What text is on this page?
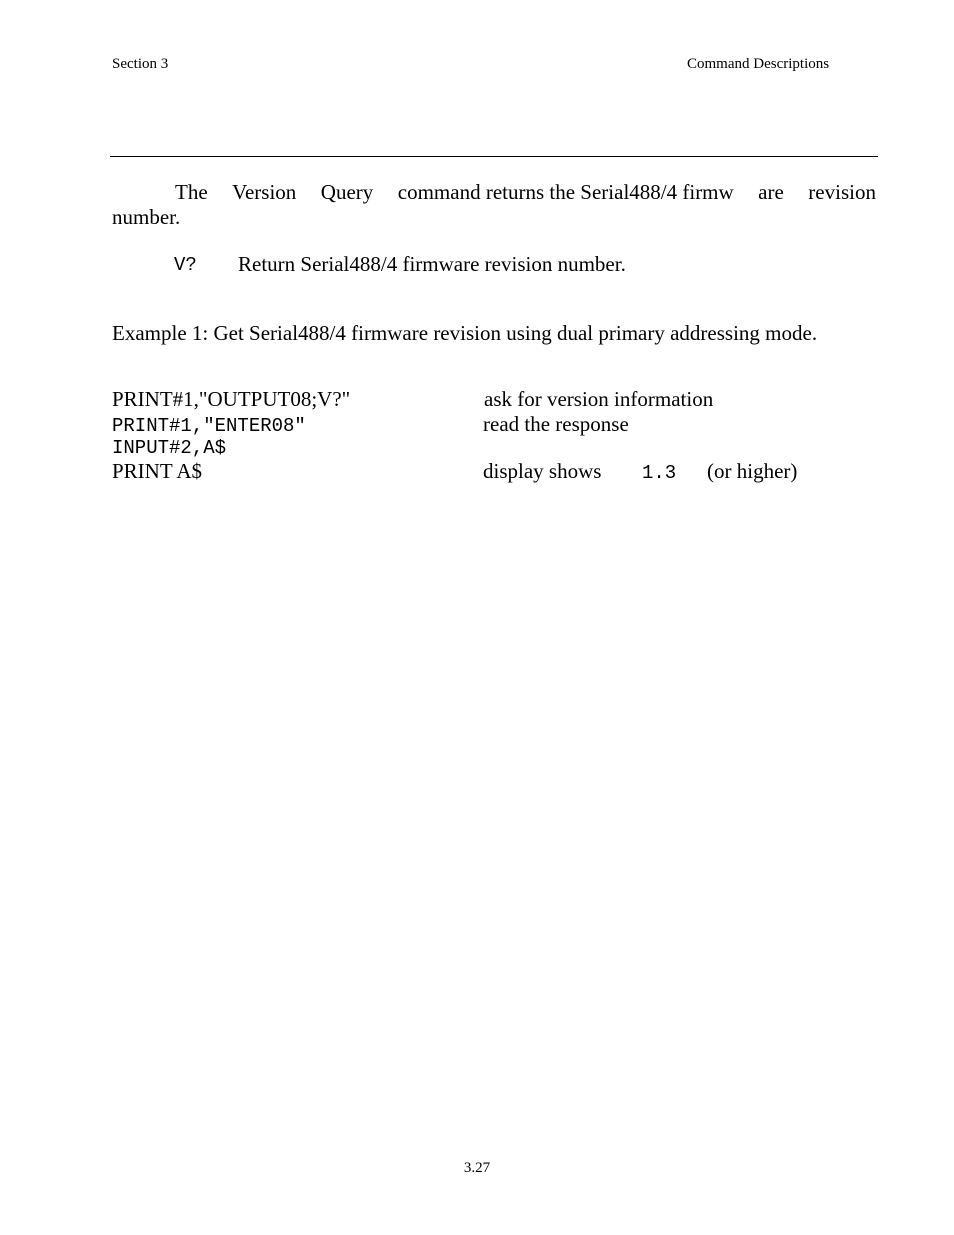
Section 3	Command Descriptions
The Version Query command returns the Serial488/4 firmw are revision
number.
V? Return Serial488/4 firmware revision number.
Example 1: Get Serial488/4 firmware revision using dual primary addressing mode.
PRINT#1,"OUTPUT08;V?"	ask for version information
PRINT#1,"ENTER08"	read the response
INPUT#2,A$
PRINT A$	display shows 1.3 (or higher)
3.27
